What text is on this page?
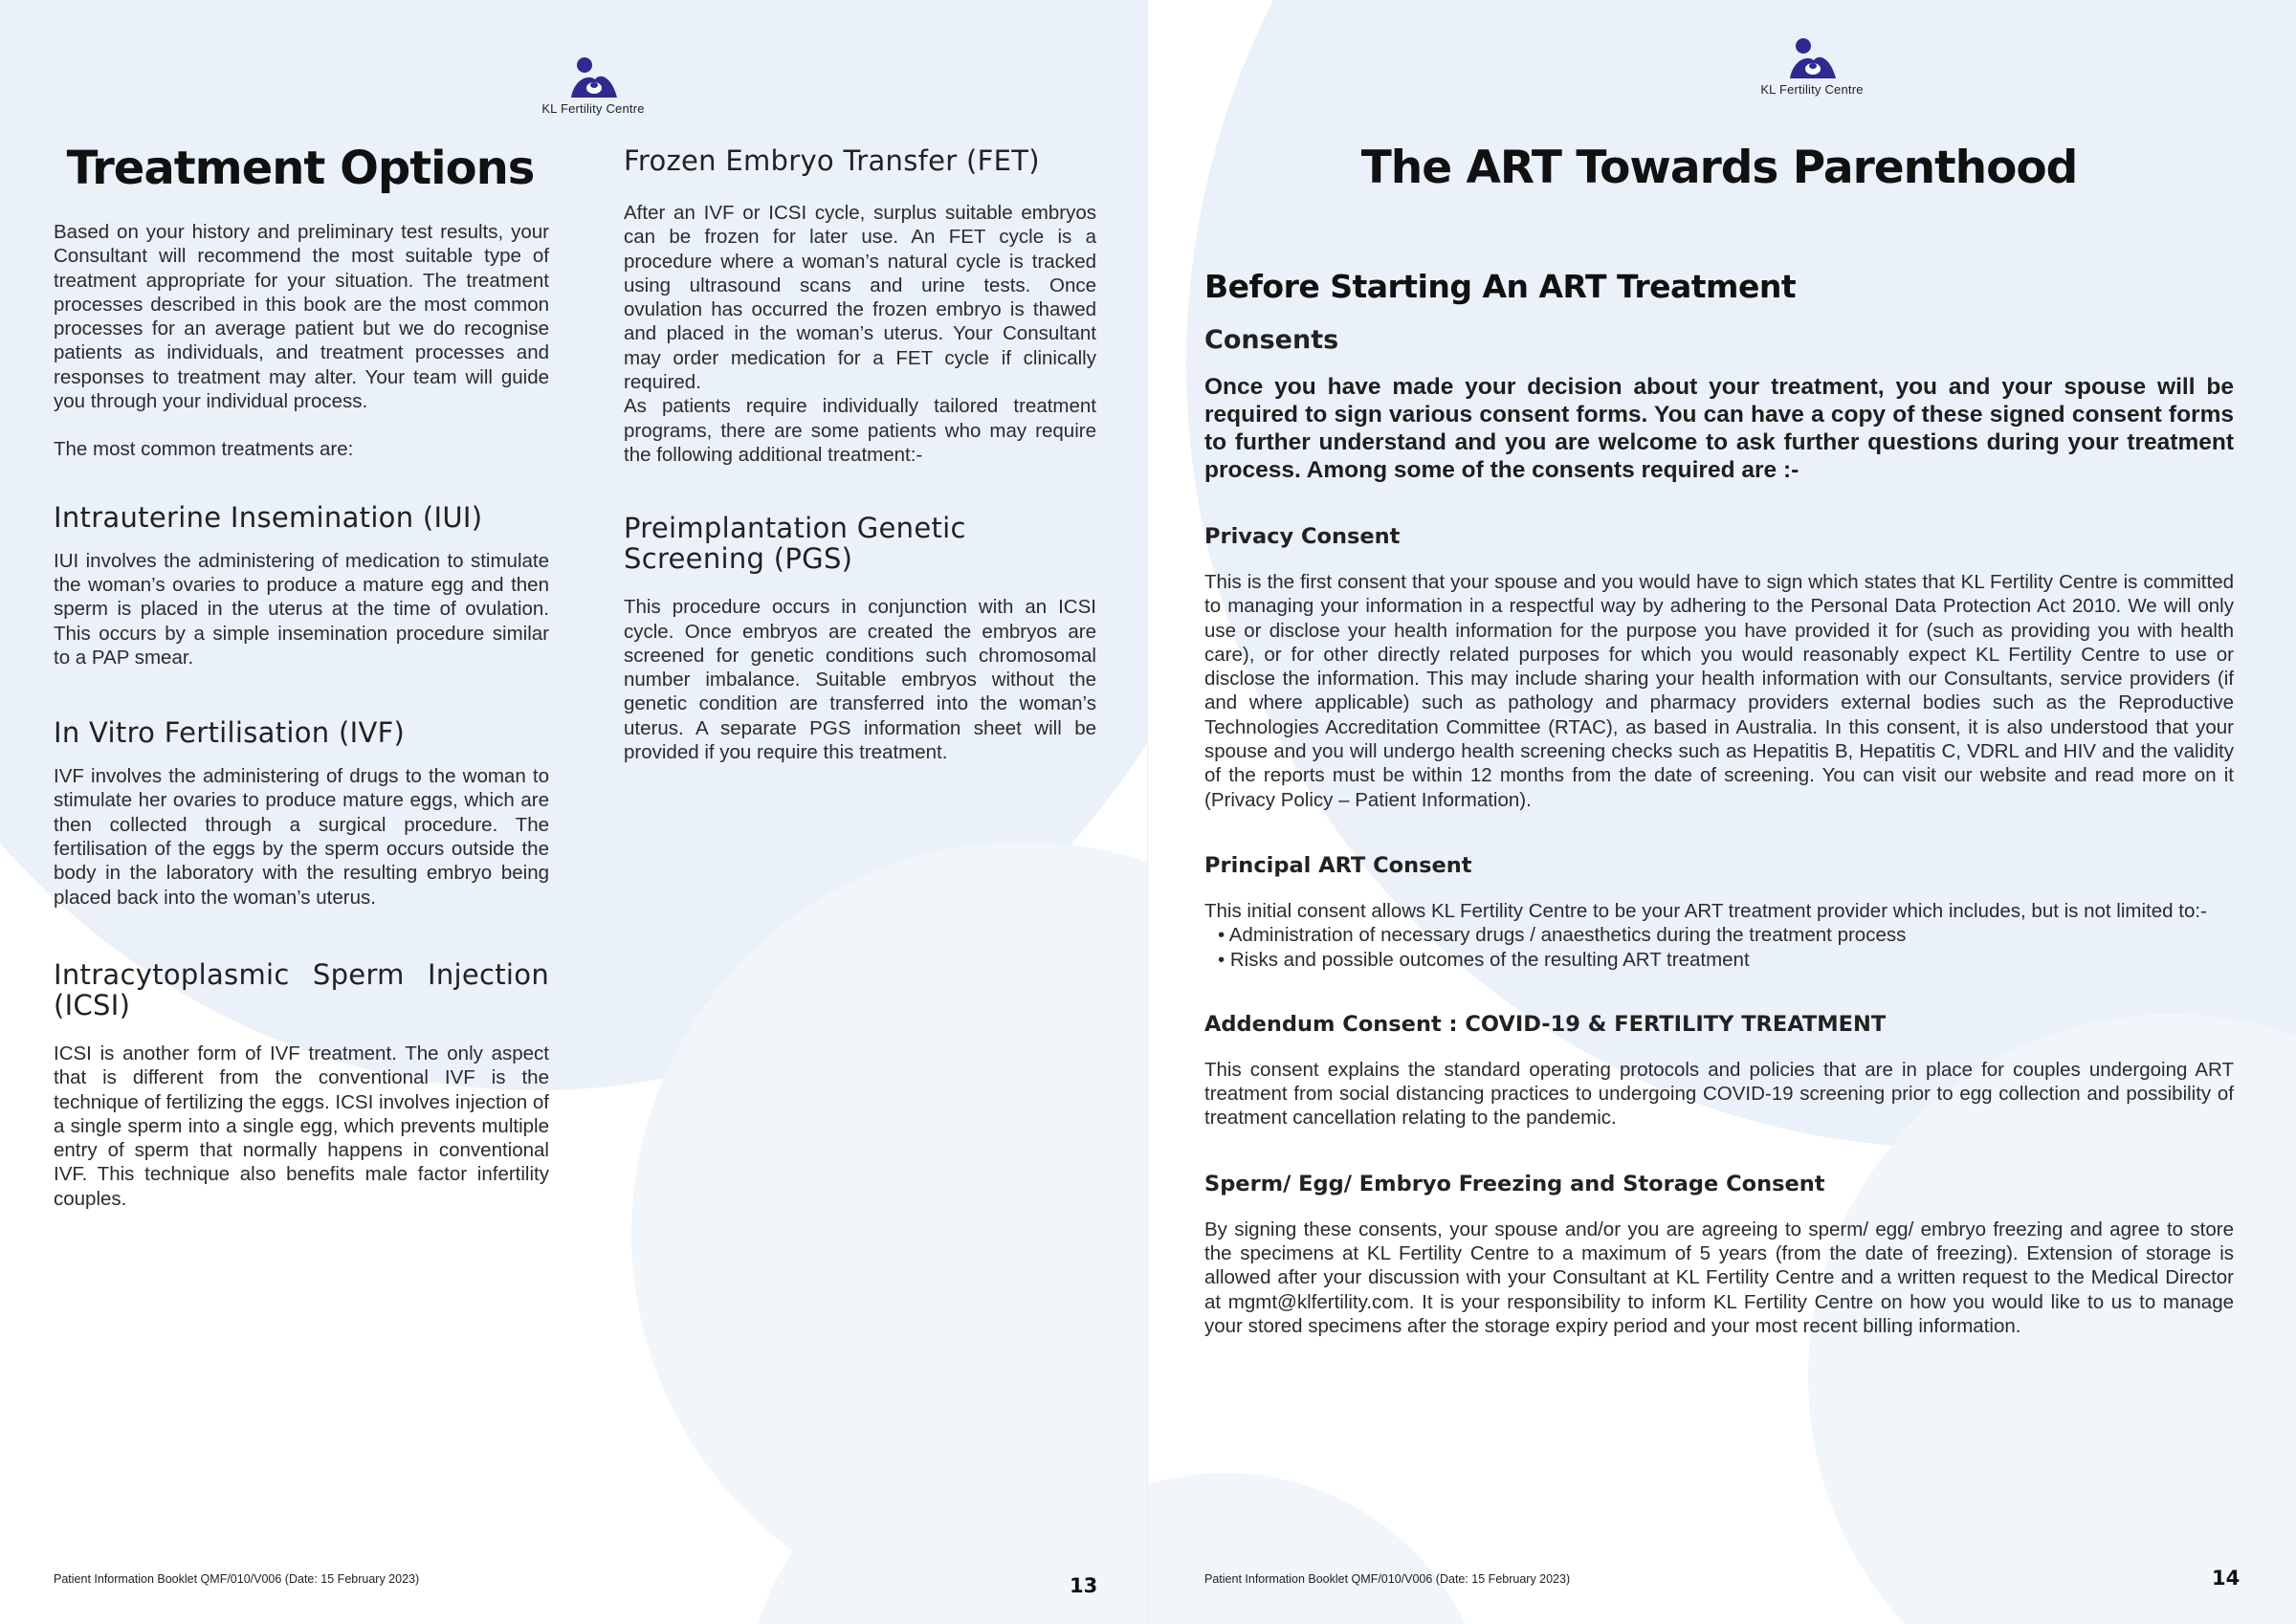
KL Fertility Centre
Treatment Options

Based on your history and preliminary test results, your Consultant will recommend the most suitable type of treatment appropriate for your situation. The treatment processes described in this book are the most common processes for an average patient but we do recognise patients as individuals, and treatment processes and responses to treatment may alter. Your team will guide you through your individual process.

The most common treatments are:

Intrauterine Insemination (IUI)

IUI involves the administering of medication to stimulate the woman’s ovaries to produce a mature egg and then sperm is placed in the uterus at the time of ovulation. This occurs by a simple insemination procedure similar to a PAP smear.

In Vitro Fertilisation (IVF)

IVF involves the administering of drugs to the woman to stimulate her ovaries to produce mature eggs, which are then collected through a surgical procedure. The fertilisation of the eggs by the sperm occurs outside the body in the laboratory with the resulting embryo being placed back into the woman’s uterus.

Intracytoplasmic Sperm Injection (ICSI)

ICSI is another form of IVF treatment. The only aspect that is different from the conventional IVF is the technique of fertilizing the eggs. ICSI involves injection of a single sperm into a single egg, which prevents multiple entry of sperm that normally happens in conventional IVF. This technique also benefits male factor infertility couples.

Frozen Embryo Transfer (FET)

After an IVF or ICSI cycle, surplus suitable embryos can be frozen for later use. An FET cycle is a procedure where a woman’s natural cycle is tracked using ultrasound scans and urine tests. Once ovulation has occurred the frozen embryo is thawed and placed in the woman’s uterus. Your Consultant may order medication for a FET cycle if clinically required.

As patients require individually tailored treatment programs, there are some patients who may require the following additional treatment:-

Preimplantation Genetic Screening (PGS)

This procedure occurs in conjunction with an ICSI cycle. Once embryos are created the embryos are screened for genetic conditions such chromosomal number imbalance. Suitable embryos without the genetic condition are transferred into the woman’s uterus. A separate PGS information sheet will be provided if you require this treatment.

Patient Information Booklet QMF/010/V006 (Date: 15 February 2023)	13
KL Fertility Centre
The ART Towards Parenthood
Before Starting An ART Treatment
Consents

Once you have made your decision about your treatment, you and your spouse will be required to sign various consent forms. You can have a copy of these signed consent forms to further understand and you are welcome to ask further questions during your treatment process. Among some of the consents required are :-

Privacy Consent

This is the first consent that your spouse and you would have to sign which states that KL Fertility Centre is committed to managing your information in a respectful way by adhering to the Personal Data Protection Act 2010. We will only use or disclose your health information for the purpose you have provided it for (such as providing you with health care), or for other directly related purposes for which you would reasonably expect KL Fertility Centre to use or disclose the information. This may include sharing your health information with our Consultants, service providers (if and where applicable) such as pathology and pharmacy providers external bodies such as the Reproductive Technologies Accreditation Committee (RTAC), as based in Australia. In this consent, it is also understood that your spouse and you will undergo health screening checks such as Hepatitis B, Hepatitis C, VDRL and HIV and the validity of the reports must be within 12 months from the date of screening. You can visit our website and read more on it (Privacy Policy – Patient Information).

Principal ART Consent

This initial consent allows KL Fertility Centre to be your ART treatment provider which includes, but is not limited to:-

• Administration of necessary drugs / anaesthetics during the treatment process

• Risks and possible outcomes of the resulting ART treatment

Addendum Consent : COVID-19 & FERTILITY TREATMENT

This consent explains the standard operating protocols and policies that are in place for couples undergoing ART treatment from social distancing practices to undergoing COVID-19 screening prior to egg collection and possibility of treatment cancellation relating to the pandemic.

Sperm/ Egg/ Embryo Freezing and Storage Consent

By signing these consents, your spouse and/or you are agreeing to sperm/ egg/ embryo freezing and agree to store the specimens at KL Fertility Centre to a maximum of 5 years (from the date of freezing). Extension of storage is allowed after your discussion with your Consultant at KL Fertility Centre and a written request to the Medical Director at mgmt@klfertility.com. It is your responsibility to inform KL Fertility Centre on how you would like to us to manage your stored specimens after the storage expiry period and your most recent billing information.

Patient Information Booklet QMF/010/V006 (Date: 15 February 2023)	14
